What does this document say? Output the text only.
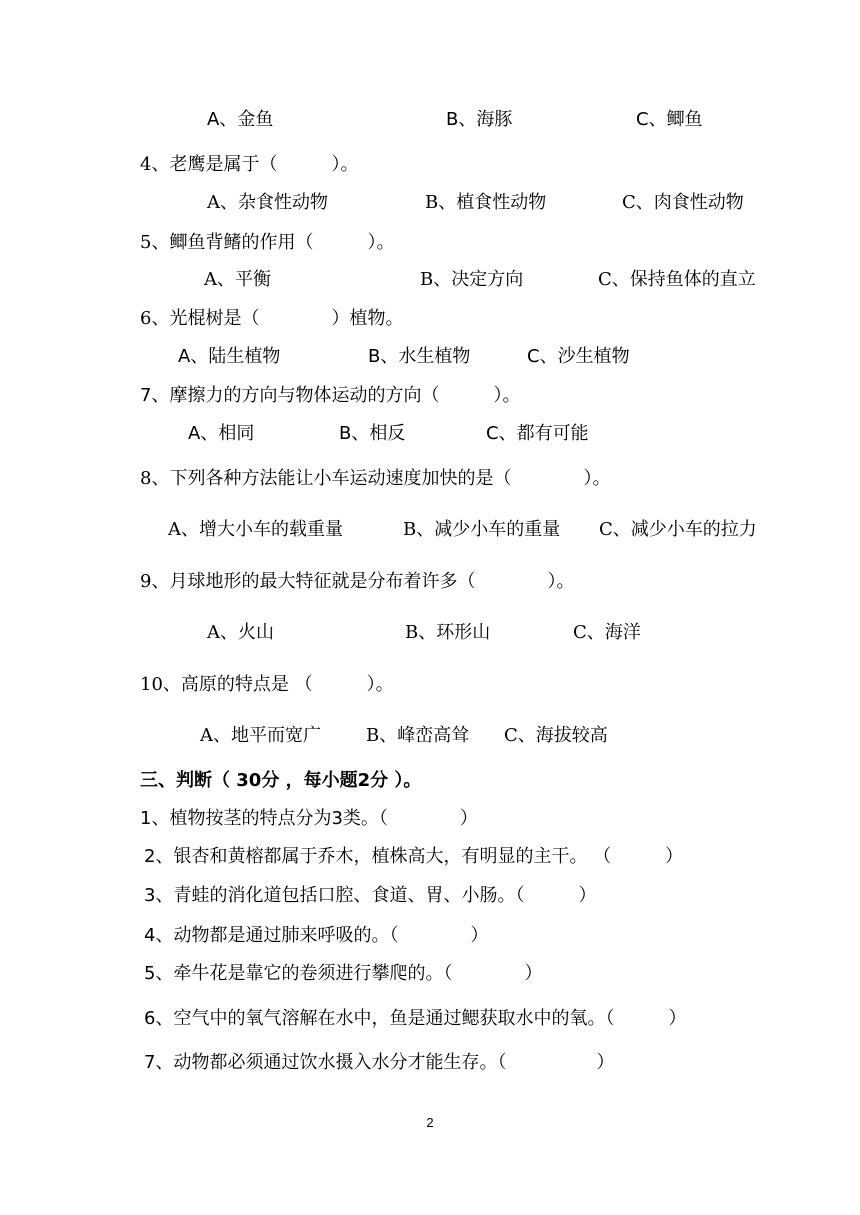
A、金鱼	B、海豚	C、鲫鱼
4、老鹰是属于（　　　）。
A、杂食性动物	B、植食性动物	C、肉食性动物
5、鲫鱼背鳍的作用（　　　）。
A、平衡	B、决定方向	C、保持鱼体的直立
6、光棍树是（　　　　）植物。
A、陆生植物	B、水生植物	C、沙生植物
7、摩擦力的方向与物体运动的方向（　　　）。
A、相同	B、相反	C、都有可能
8、下列各种方法能让小车运动速度加快的是（　　　　）。
A、增大小车的载重量	B、减少小车的重量 C、减少小车的拉力
9、月球地形的最大特征就是分布着许多（　　　　）。
A、火山	B、环形山	C、海洋
10、高原的特点是 （　　　）。
A、地平而宽广	B、峰峦高耸 C、海拔较高
三、判断（ 30分 ，每小题2分 ）。
1、植物按茎的特点分为3类。（　　　　）
2、银杏和黄榕都属于乔木，植株高大，有明显的主干。 （　　　）
3、青蛙的消化道包括口腔、食道、胃、小肠。（　　　）
4、动物都是通过肺来呼吸的。（　　　　）
5、牵牛花是靠它的卷须进行攀爬的。（　　　　）
6、空气中的氧气溶解在水中，鱼是通过鳃获取水中的氧。（　　　）
7、动物都必须通过饮水摄入水分才能生存。（　　　　　）
2
